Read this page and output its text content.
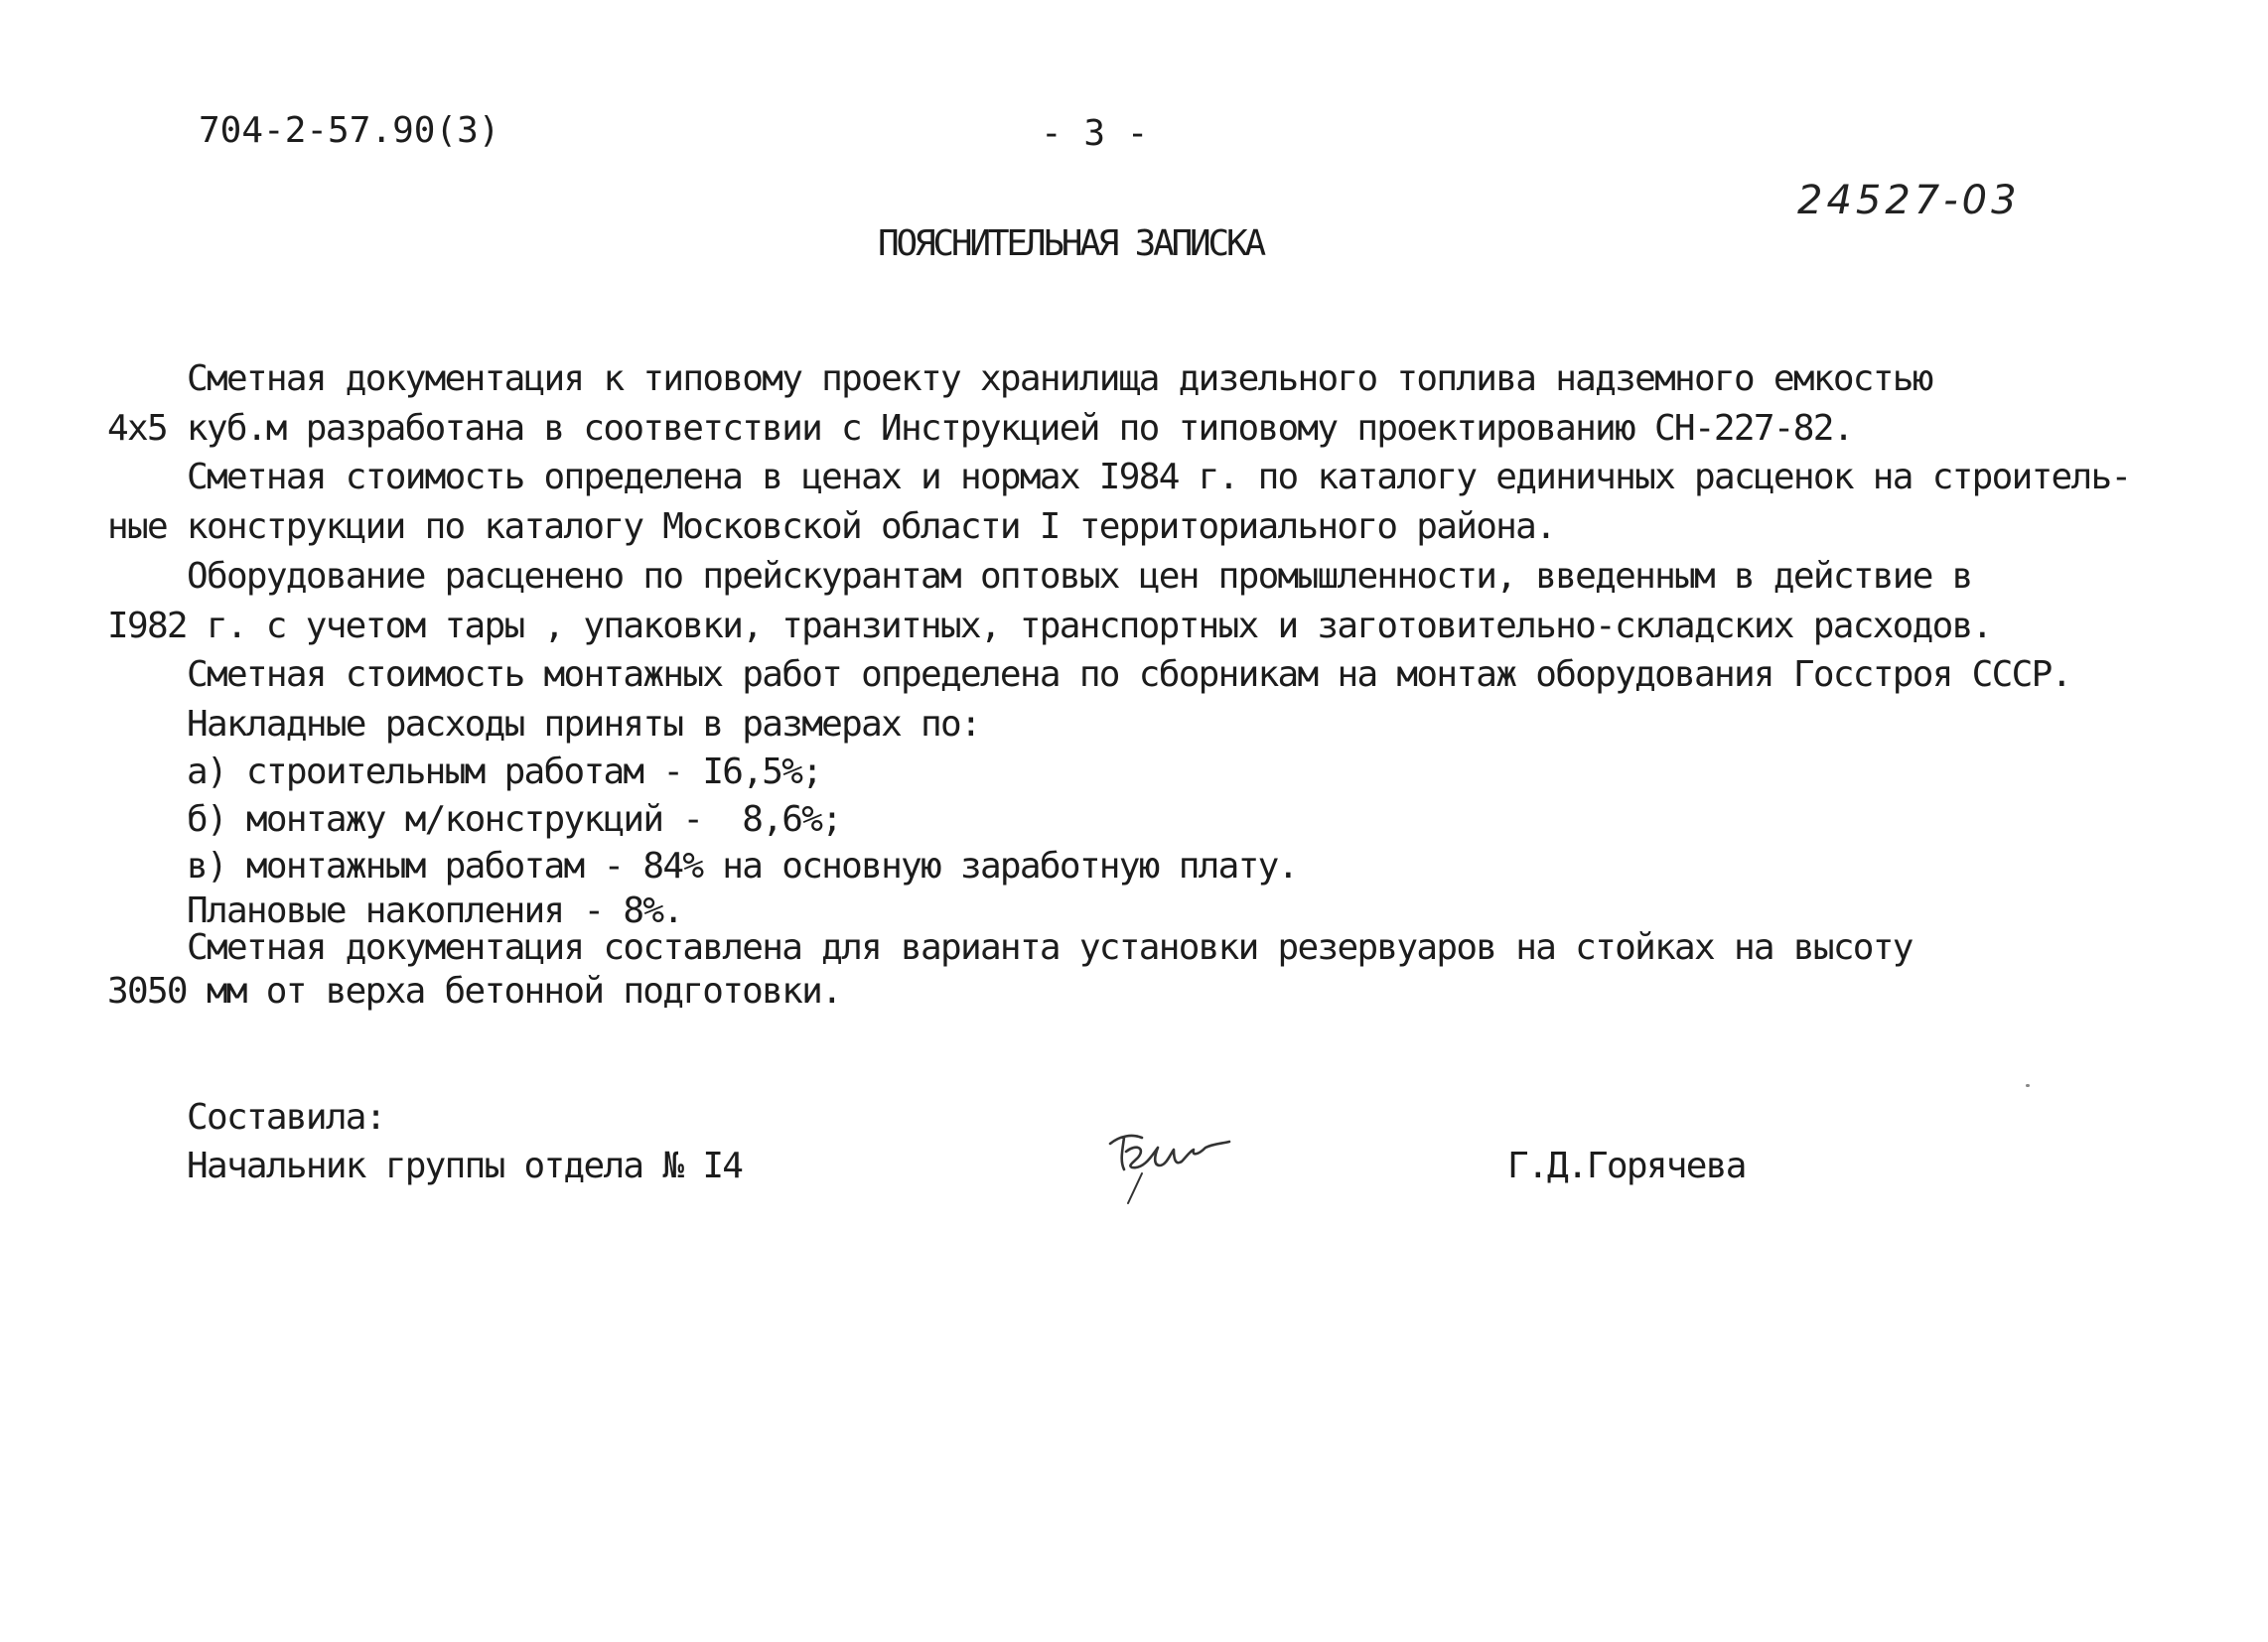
704-2-57.90(3)	- 3 -
24527-03
ПОЯСНИТЕЛЬНАЯ ЗАПИСКА
Сметная документация к типовому проекту хранилища дизельного топлива надземного емкостью
4х5 куб.м разработана в соответствии с Инструкцией по типовому проектированию СН-227-82.
Сметная стоимость определена в ценах и нормах I984 г. по каталогу единичных расценок на строитель-
ные конструкции по каталогу Московской области I территориального района.
Оборудование расценено по прейскурантам оптовых цен промышленности, введенным в действие в
I982 г. с учетом тары , упаковки, транзитных, транспортных и заготовительно-складских расходов.
Сметная стоимость монтажных работ определена по сборникам на монтаж оборудования Госстроя СССР.
Накладные расходы приняты в размерах по:
а) строительным работам - I6,5%;
б) монтажу м/конструкций -  8,6%;
в) монтажным работам - 84% на основную заработную плату.
Плановые накопления - 8%.
Сметная документация составлена для варианта установки резервуаров на стойках на высоту
3050 мм от верха бетонной подготовки.
Составила:
Начальник группы отдела № I4	Г.Д.Горячева
